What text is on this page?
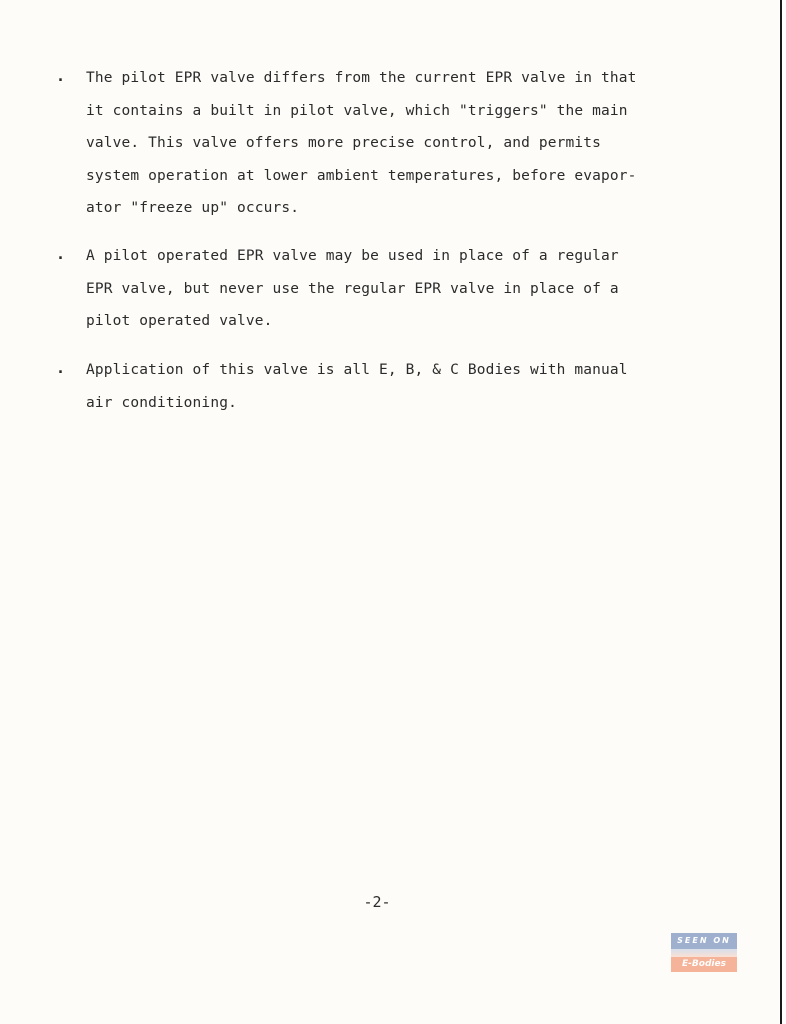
. The pilot EPR valve differs from the current EPR valve in that
it contains a built in pilot valve, which "triggers" the main
valve. This valve offers more precise control, and permits
system operation at lower ambient temperatures, before evapor-
ator "freeze up" occurs.
. A pilot operated EPR valve may be used in place of a regular
EPR valve, but never use the regular EPR valve in place of a
pilot operated valve.
. Application of this valve is all E, B, & C Bodies with manual
air conditioning.
-2-
SEEN ON
E-Bodies
